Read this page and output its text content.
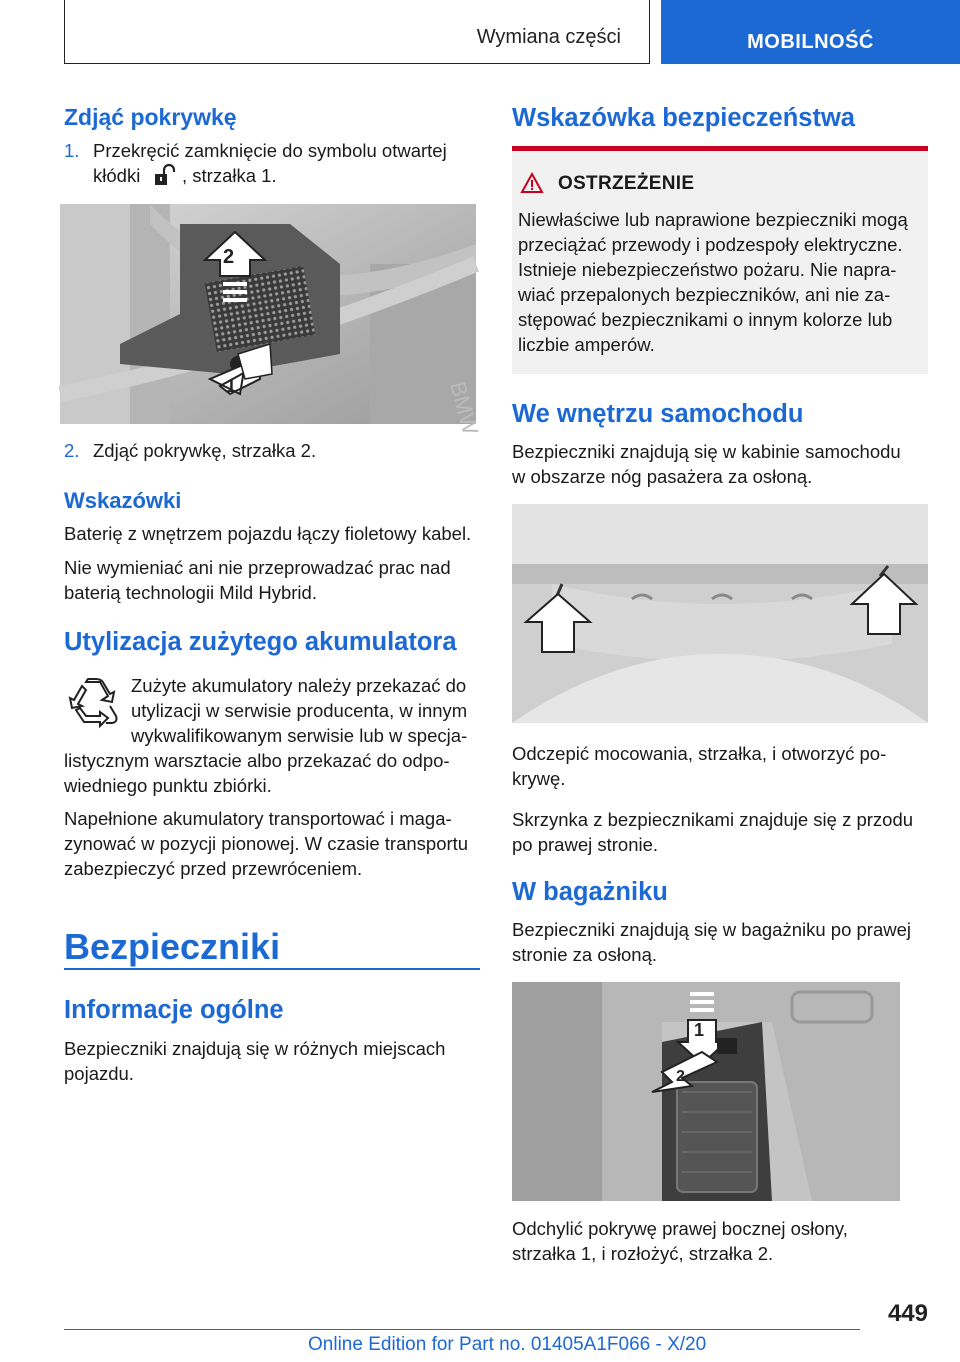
Wymiana części	MOBILNOŚĆ
Zdjąć pokrywkę
1. Przekręcić zamknięcie do symbolu otwartej

kłódki , strzałka 1.

BMW
2
1
2. Zdjąć pokrywkę, strzałka 2.

Wskazówki

Baterię z wnętrzem pojazdu łączy fioletowy kabel.

Nie wymieniać ani nie przeprowadzać prac nad

baterią technologii Mild Hybrid.

Utylizacja zużytego akumulatora

Zużyte akumulatory należy przekazać do

utylizacji w serwisie producenta, w innym

wykwalifikowanym serwisie lub w specja-

listycznym warsztacie albo przekazać do odpo-

wiedniego punktu zbiórki.

Napełnione akumulatory transportować i maga-

zynować w pozycji pionowej. W czasie transportu

zabezpieczyć przed przewróceniem.

Bezpieczniki
Informacje ogólne

Bezpieczniki znajdują się w różnych miejscach

pojazdu.

Wskazówka bezpieczeństwa
OSTRZEŻENIE

Niewłaściwe lub naprawione bezpieczniki mogą

przeciążać przewody i podzespoły elektryczne.

Istnieje niebezpieczeństwo pożaru. Nie napra-

wiać przepalonych bezpieczników, ani nie za-

stępować bezpiecznikami o innym kolorze lub

liczbie amperów.

We wnętrzu samochodu

Bezpieczniki znajdują się w kabinie samochodu

w obszarze nóg pasażera za osłoną.

Odczepić mocowania, strzałka, i otworzyć po-

krywę.

Skrzynka z bezpiecznikami znajduje się z przodu

po prawej stronie.

W bagażniku

Bezpieczniki znajdują się w bagażniku po prawej

stronie za osłoną.

1
2

Odchylić pokrywę prawej bocznej osłony,

strzałka 1, i rozłożyć, strzałka 2.

449
Online Edition for Part no. 01405A1F066 - X/20
